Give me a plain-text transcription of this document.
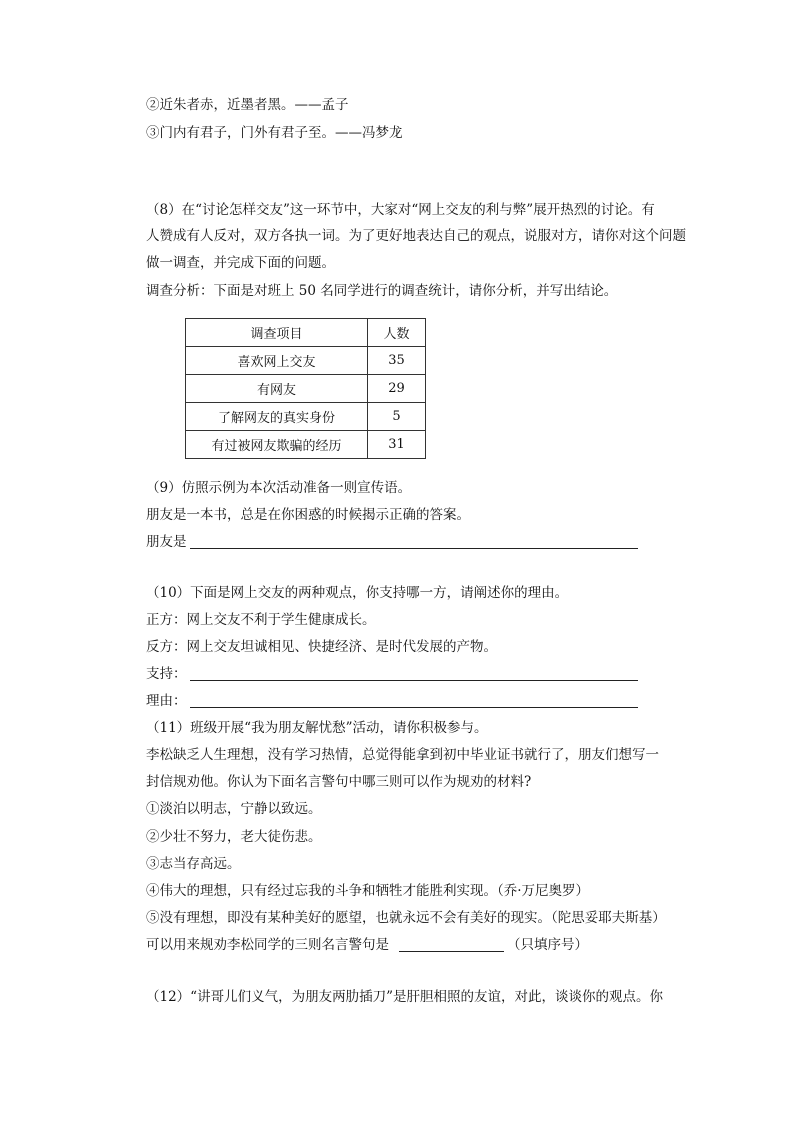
②近朱者赤，近墨者黑。——孟子
③门内有君子，门外有君子至。——冯梦龙
（8）在“讨论怎样交友”这一环节中，大家对“网上交友的利与弊”展开热烈的讨论。有
人赞成有人反对，双方各执一词。为了更好地表达自己的观点，说服对方，请你对这个问题
做一调查，并完成下面的问题。
调查分析：下面是对班上 50 名同学进行的调查统计，请你分析，并写出结论。
调查项目	人数
喜欢网上交友	35
有网友	29
了解网友的真实身份	5
有过被网友欺骗的经历	31
（9）仿照示例为本次活动准备一则宣传语。
朋友是一本书，总是在你困惑的时候揭示正确的答案。
朋友是
（10）下面是网上交友的两种观点，你支持哪一方，请阐述你的理由。
正方：网上交友不利于学生健康成长。
反方：网上交友坦诚相见、快捷经济、是时代发展的产物。
支持：
理由：
（11）班级开展“我为朋友解忧愁”活动，请你积极参与。
李松缺乏人生理想，没有学习热情，总觉得能拿到初中毕业证书就行了，朋友们想写一
封信规劝他。你认为下面名言警句中哪三则可以作为规劝的材料?
①淡泊以明志，宁静以致远。
②少壮不努力，老大徒伤悲。
③志当存高远。
④伟大的理想，只有经过忘我的斗争和牺牲才能胜利实现。（乔·万尼奥罗）
⑤没有理想，即没有某种美好的愿望，也就永远不会有美好的现实。（陀思妥耶夫斯基）
可以用来规劝李松同学的三则名言警句是	（只填序号）
（12）“讲哥儿们义气，为朋友两肋插刀”是肝胆相照的友谊，对此，谈谈你的观点。你
